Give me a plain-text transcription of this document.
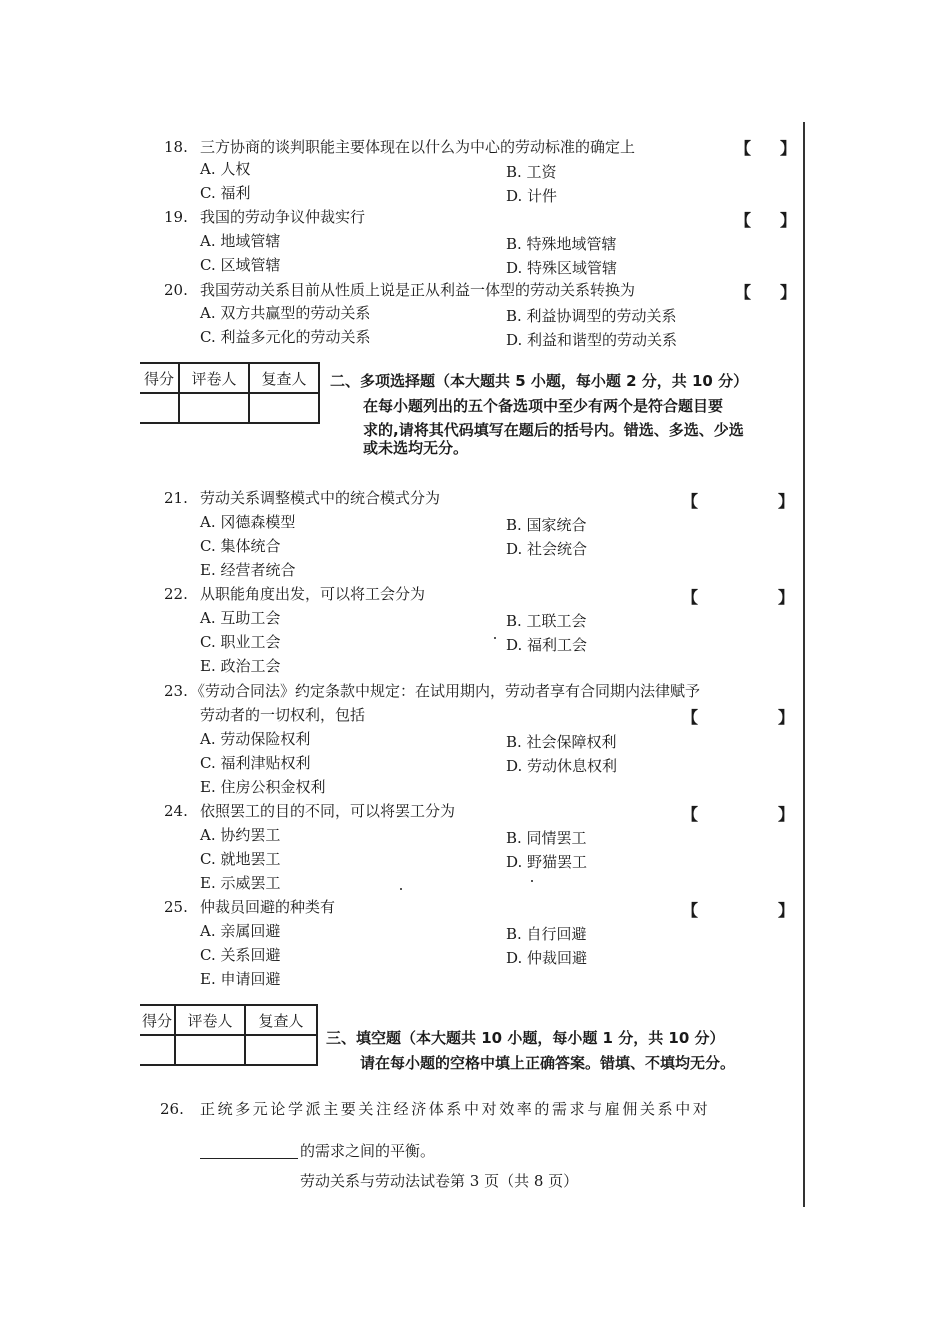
18. 三方协商的谈判职能主要体现在以什么为中心的劳动标准的确定上	【 】
A. 人权	B. 工资
C. 福利	D. 计件
19. 我国的劳动争议仲裁实行	【 】
A. 地域管辖	B. 特殊地域管辖
C. 区域管辖	D. 特殊区域管辖
20. 我国劳动关系目前从性质上说是正从利益一体型的劳动关系转换为	【 】
A. 双方共赢型的劳动关系	B. 利益协调型的劳动关系
C. 利益多元化的劳动关系	D. 利益和谐型的劳动关系
得分	评卷人	复查人
		二、多项选择题（本大题共 5 小题，每小题 2 分，共 10 分）
在每小题列出的五个备选项中至少有两个是符合题目要
求的,请将其代码填写在题后的括号内。错选、多选、少选
或未选均无分。
21. 劳动关系调整模式中的统合模式分为	【	】
A. 冈德森模型	B. 国家统合
C. 集体统合	D. 社会统合
E. 经营者统合
22. 从职能角度出发，可以将工会分为	【	】
A. 互助工会	B. 工联工会
C. 职业工会	D. 福利工会
E. 政治工会
23. 《劳动合同法》约定条款中规定：在试用期内，劳动者享有合同期内法律赋予
劳动者的一切权利，包括	【	】
A. 劳动保险权利	B. 社会保障权利
C. 福利津贴权利	D. 劳动休息权利
E. 住房公积金权利
24. 依照罢工的目的不同，可以将罢工分为	【	】
A. 协约罢工	B. 同情罢工
C. 就地罢工	D. 野猫罢工
E. 示威罢工
25. 仲裁员回避的种类有	【	】
A. 亲属回避	B. 自行回避
C. 关系回避	D. 仲裁回避
E. 申请回避
得分	评卷人	复查人

三、填空题（本大题共 10 小题，每小题 1 分，共 10 分）
请在每小题的空格中填上正确答案。错填、不填均无分。
26. 正统多元论学派主要关注经济体系中对效率的需求与雇佣关系中对
的需求之间的平衡。
劳动关系与劳动法试卷第 3 页（共 8 页）
